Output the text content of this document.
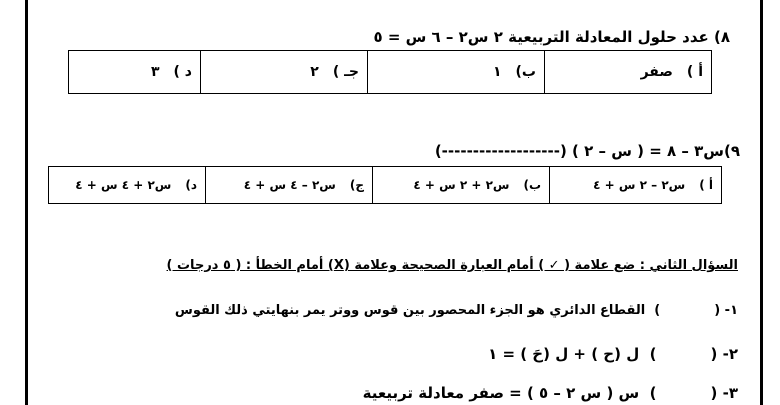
٨) عدد حلول المعادلة التربيعية ٢ س٢ – ٦ س = ٥
أ )صفر	ب)١	جـ )٢	د )٣
٩)س٣ – ٨ = ( س – ٢ ) (-------------------)
أ )س٢ – ٢ س + ٤	ب)س٢ + ٢ س + ٤	ج)س٢ – ٤ س + ٤	د)س٢ + ٤ س + ٤
السؤال الثاني : ضع علامة ( ✓ ) أمام العبارة الصحيحة وعلامة (X) أمام الخطأ : ( ٥ درجات )
١- ()  القطاع الدائري هو الجزء المحصور بين قوس ووتر يمر بنهايتي ذلك القوس
٢- ()  ل (ح ) + ل (حَ ) = ١
٣- ()  س ( س ٢ – ٥ ) = صفر معادلة تربيعية
